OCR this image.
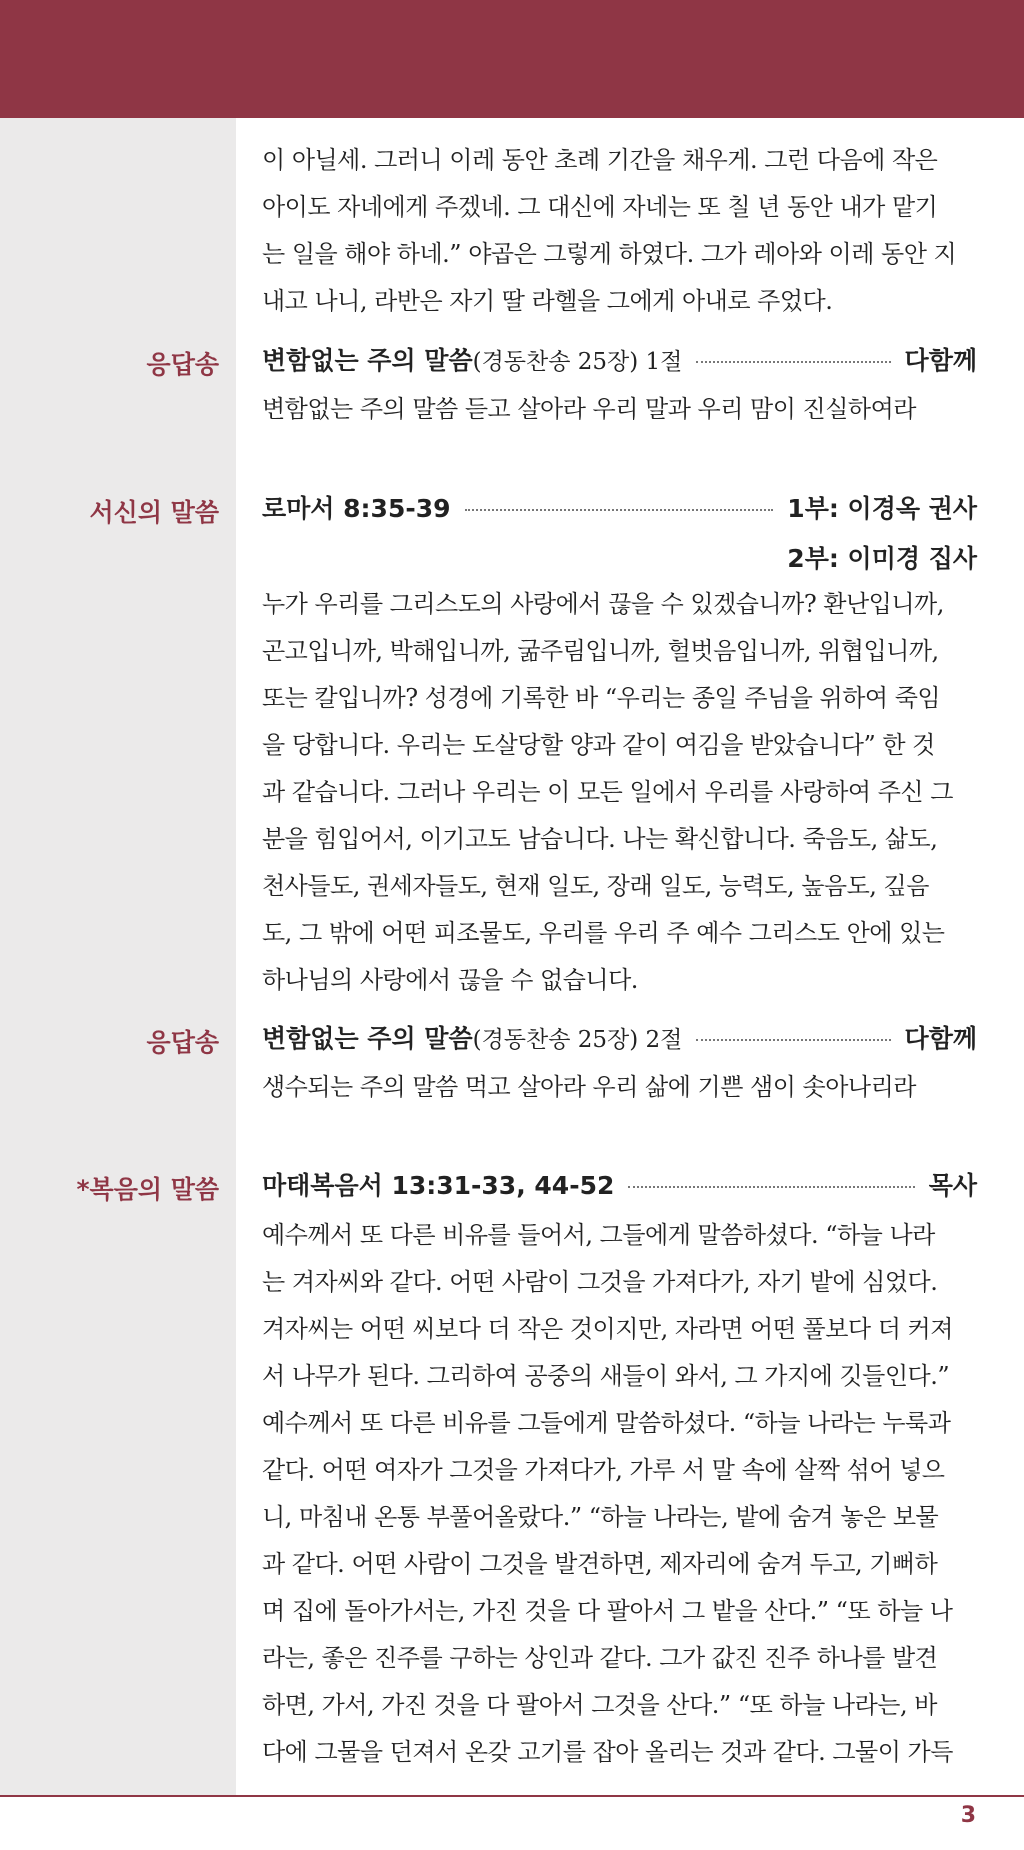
이 아닐세. 그러니 이레 동안 초례 기간을 채우게. 그런 다음에 작은

아이도 자네에게 주겠네. 그 대신에 자네는 또 칠 년 동안 내가 맡기

는 일을 해야 하네.” 야곱은 그렇게 하였다. 그가 레아와 이레 동안 지

내고 나니, 라반은 자기 딸 라헬을 그에게 아내로 주었다.

응답송 변함없는 주의 말씀 (경동찬송 25장) 1절	다함께
변함없는 주의 말씀 듣고 살아라 우리 말과 우리 맘이 진실하여라
서신의 말씀 로마서 8:35-39	1부: 이경옥 권사
2부: 이미경 집사

누가 우리를 그리스도의 사랑에서 끊을 수 있겠습니까? 환난입니까,

곤고입니까, 박해입니까, 굶주림입니까, 헐벗음입니까, 위협입니까,

또는 칼입니까? 성경에 기록한 바 “우리는 종일 주님을 위하여 죽임

을 당합니다. 우리는 도살당할 양과 같이 여김을 받았습니다” 한 것

과 같습니다. 그러나 우리는 이 모든 일에서 우리를 사랑하여 주신 그

분을 힘입어서, 이기고도 남습니다. 나는 확신합니다. 죽음도, 삶도,

천사들도, 권세자들도, 현재 일도, 장래 일도, 능력도, 높음도, 깊음

도, 그 밖에 어떤 피조물도, 우리를 우리 주 예수 그리스도 안에 있는

하나님의 사랑에서 끊을 수 없습니다.

응답송 변함없는 주의 말씀 (경동찬송 25장) 2절	다함께
생수되는 주의 말씀 먹고 살아라 우리 삶에 기쁜 샘이 솟아나리라
*복음의 말씀 마태복음서 13:31-33, 44-52	목사

예수께서 또 다른 비유를 들어서, 그들에게 말씀하셨다. “하늘 나라

는 겨자씨와 같다. 어떤 사람이 그것을 가져다가, 자기 밭에 심었다.

겨자씨는 어떤 씨보다 더 작은 것이지만, 자라면 어떤 풀보다 더 커져

서 나무가 된다. 그리하여 공중의 새들이 와서, 그 가지에 깃들인다.”

예수께서 또 다른 비유를 그들에게 말씀하셨다. “하늘 나라는 누룩과

같다. 어떤 여자가 그것을 가져다가, 가루 서 말 속에 살짝 섞어 넣으

니, 마침내 온통 부풀어올랐다.” “하늘 나라는, 밭에 숨겨 놓은 보물

과 같다. 어떤 사람이 그것을 발견하면, 제자리에 숨겨 두고, 기뻐하

며 집에 돌아가서는, 가진 것을 다 팔아서 그 밭을 산다.” “또 하늘 나

라는, 좋은 진주를 구하는 상인과 같다. 그가 값진 진주 하나를 발견

하면, 가서, 가진 것을 다 팔아서 그것을 산다.” “또 하늘 나라는, 바

다에 그물을 던져서 온갖 고기를 잡아 올리는 것과 같다. 그물이 가득

3
